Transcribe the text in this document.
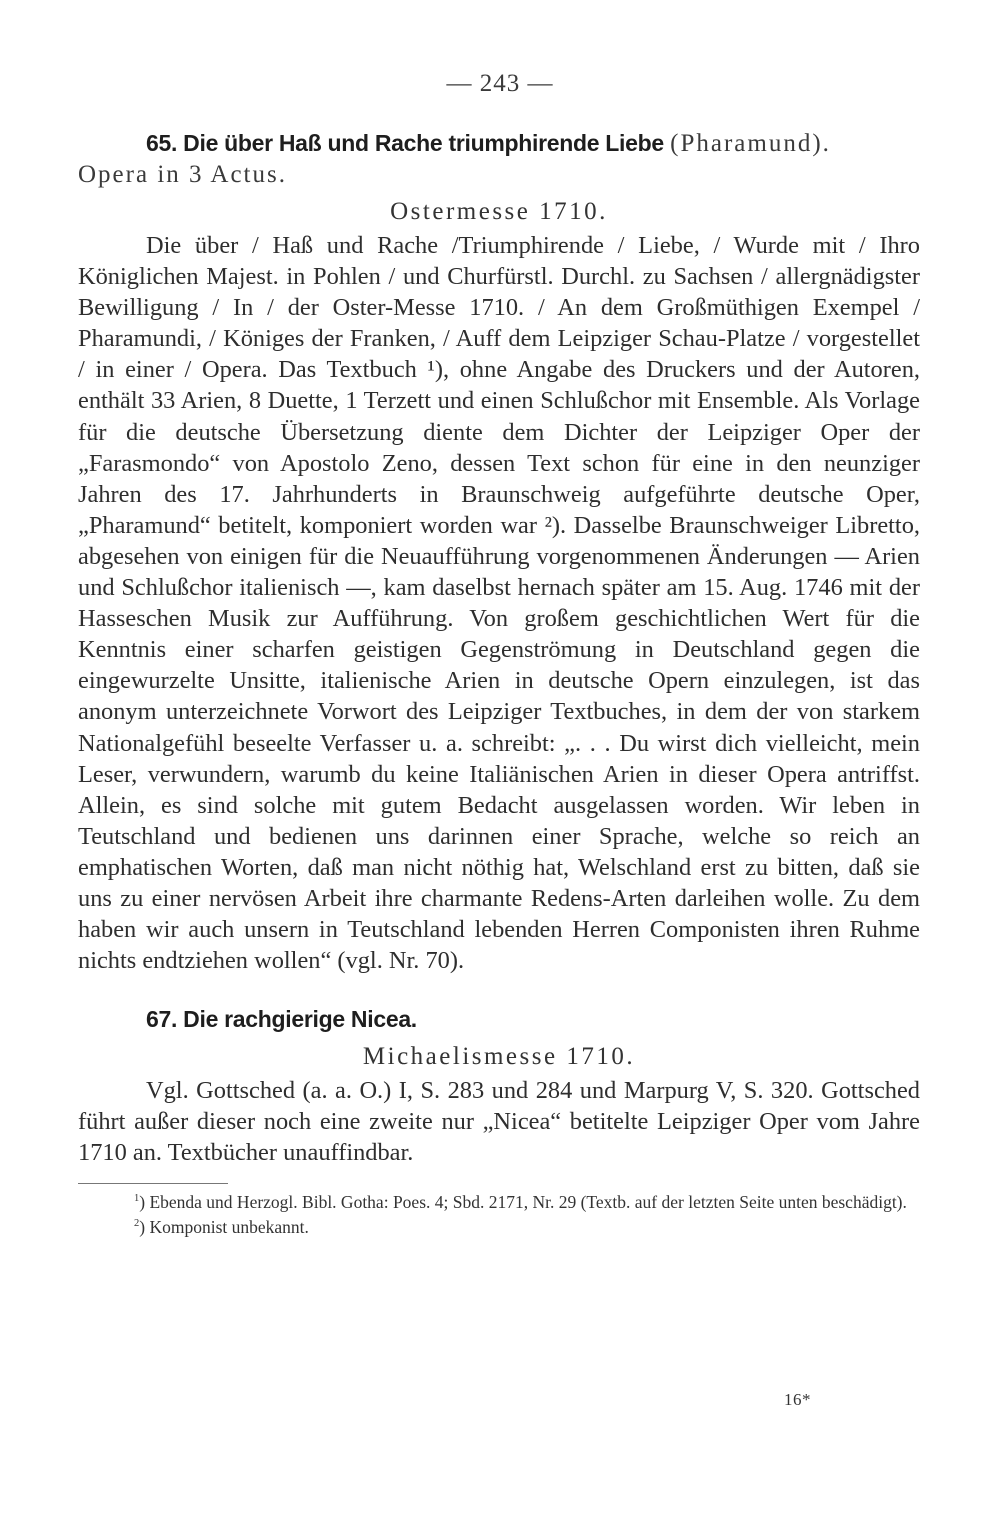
— 243 —
65. Die über Haß und Rache triumphirende Liebe (Pharamund).
Opera in 3 Actus.
Ostermesse 1710.

Die über / Haß und Rache /Triumphirende / Liebe, / Wurde mit / Ihro Königlichen Majest. in Pohlen / und Churfürstl. Durchl. zu Sachsen / allergnädigster Bewilligung / In / der Oster-Messe 1710. / An dem Großmüthigen Exempel / Pharamundi, / Königes der Franken, / Auff dem Leipziger Schau-Platze / vorgestellet / in einer / Opera. Das Textbuch ¹), ohne Angabe des Druckers und der Autoren, enthält 33 Arien, 8 Duette, 1 Terzett und einen Schlußchor mit Ensemble. Als Vorlage für die deutsche Übersetzung diente dem Dichter der Leipziger Oper der „Farasmondo“ von Apostolo Zeno, dessen Text schon für eine in den neunziger Jahren des 17. Jahrhunderts in Braunschweig aufgeführte deutsche Oper, „Pharamund“ betitelt, komponiert worden war ²). Dasselbe Braunschweiger Libretto, abgesehen von einigen für die Neuaufführung vorgenommenen Änderungen — Arien und Schlußchor italienisch —, kam daselbst hernach später am 15. Aug. 1746 mit der Hasseschen Musik zur Aufführung. Von großem geschichtlichen Wert für die Kenntnis einer scharfen geistigen Gegenströmung in Deutschland gegen die eingewurzelte Unsitte, italienische Arien in deutsche Opern einzulegen, ist das anonym unterzeichnete Vorwort des Leipziger Textbuches, in dem der von starkem Nationalgefühl beseelte Verfasser u. a. schreibt: „. . . Du wirst dich vielleicht, mein Leser, verwundern, warumb du keine Italiänischen Arien in dieser Opera antriffst. Allein, es sind solche mit gutem Bedacht ausgelassen worden. Wir leben in Teutschland und bedienen uns darinnen einer Sprache, welche so reich an emphatischen Worten, daß man nicht nöthig hat, Welschland erst zu bitten, daß sie uns zu einer nervösen Arbeit ihre charmante Redens-Arten darleihen wolle. Zu dem haben wir auch unsern in Teutschland lebenden Herren Componisten ihren Ruhme nichts endtziehen wollen“ (vgl. Nr. 70).

67. Die rachgierige Nicea.
Michaelismesse 1710.

Vgl. Gottsched (a. a. O.) I, S. 283 und 284 und Marpurg V, S. 320. Gottsched führt außer dieser noch eine zweite nur „Nicea“ betitelte Leipziger Oper vom Jahre 1710 an. Textbücher unauffindbar.

$^1$) Ebenda und Herzogl. Bibl. Gotha: Poes. 4; Sbd. 2171, Nr. 29 (Textb. auf der letzten Seite unten beschädigt).

$^2$) Komponist unbekannt.

16*
